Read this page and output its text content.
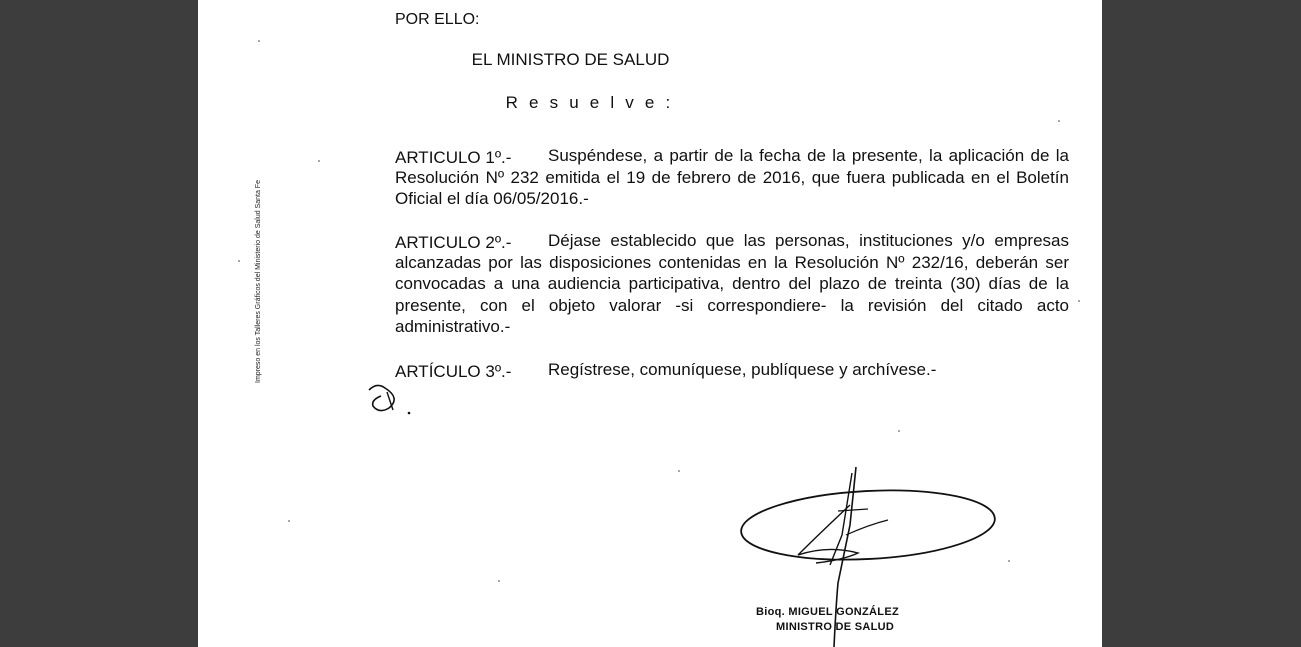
POR ELLO:
EL MINISTRO DE SALUD
R e s u e l v e :
ARTICULO 1º.-	Suspéndese, a partir de la fecha de la presente, la aplicación de la Resolución Nº 232 emitida el 19 de febrero de 2016, que fuera publicada en el Boletín Oficial el día 06/05/2016.-

ARTICULO 2º.-	Déjase establecido que las personas, instituciones y/o empresas alcanzadas por las disposiciones contenidas en la Resolución Nº 232/16, deberán ser convocadas a una audiencia participativa, dentro del plazo de treinta (30) días de la presente, con el objeto valorar -si correspondiere- la revisión del citado acto administrativo.-

ARTÍCULO 3º.- Regístrese, comuníquese, publíquese y archívese.-
Impreso en los Talleres Gráficos del Ministerio de Salud Santa Fe
Bioq. MIGUEL GONZÁLEZ
MINISTRO DE SALUD
